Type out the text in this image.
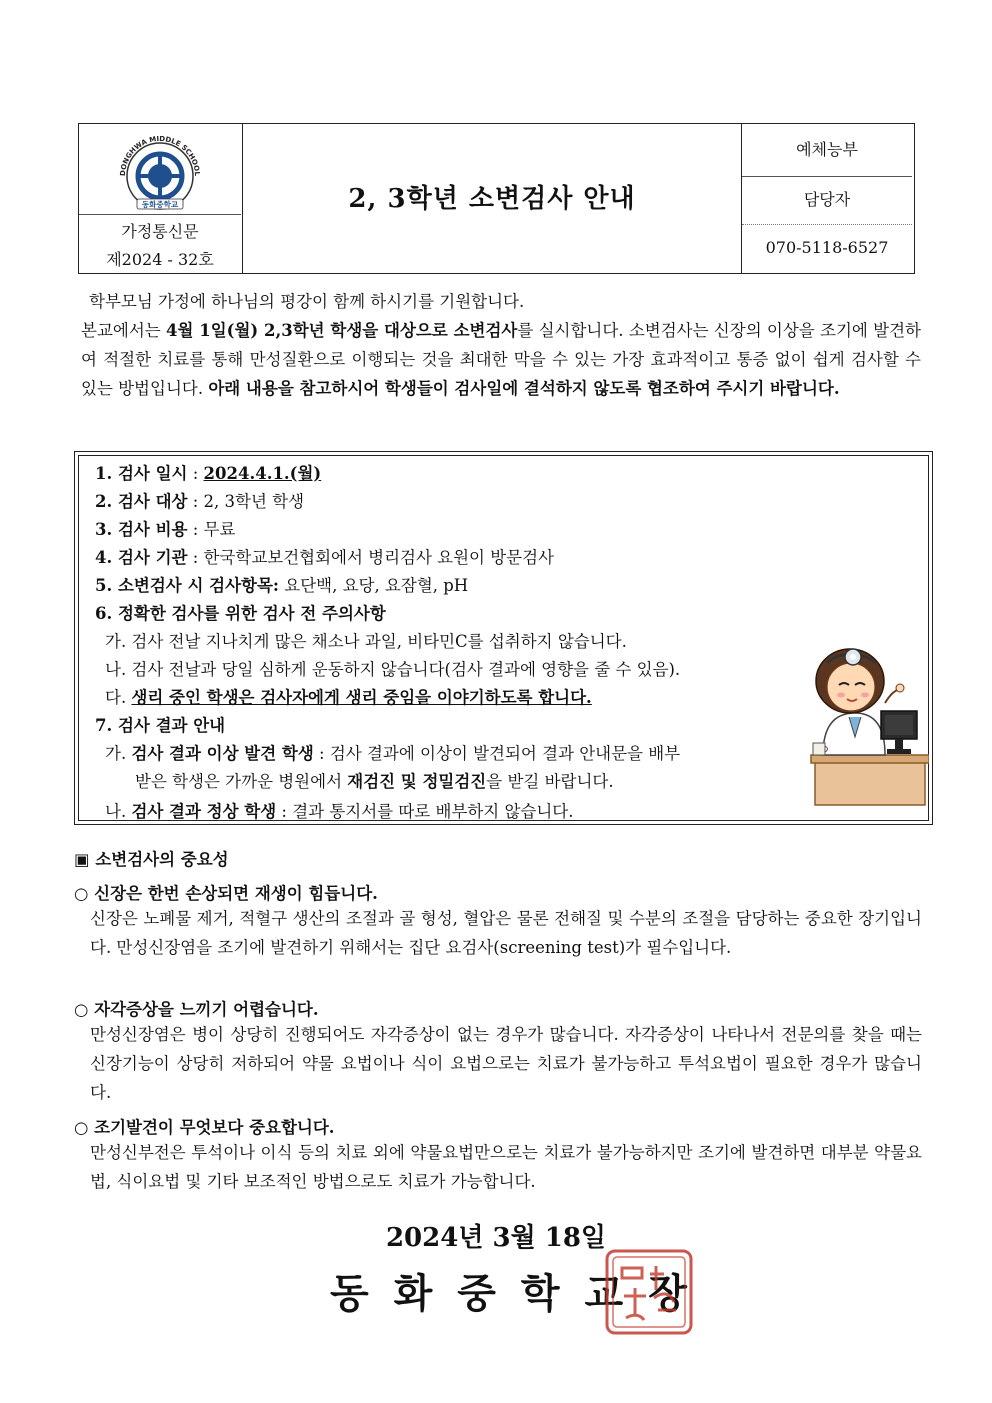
DONGHWA MIDDLE SCHOOL
동화중학교
가정통신문
제2024 - 32호
2, 3학년 소변검사 안내
예체능부
담당자
070-5118-6527

학부모님 가정에 하나님의 평강이 함께 하시기를 기원합니다.

본교에서는 4월 1일(월) 2,3학년 학생을 대상으로 소변검사를 실시합니다. 소변검사는 신장의 이상을 조기에 발견하여 적절한 치료를 통해 만성질환으로 이행되는 것을 최대한 막을 수 있는 가장 효과적이고 통증 없이 쉽게 검사할 수 있는 방법입니다. 아래 내용을 참고하시어 학생들이 검사일에 결석하지 않도록 협조하여 주시기 바랍니다.

1. 검사 일시 : 2024.4.1.(월)
2. 검사 대상 : 2, 3학년 학생
3. 검사 비용 : 무료
4. 검사 기관 : 한국학교보건협회에서 병리검사 요원이 방문검사
5. 소변검사 시 검사항목: 요단백, 요당, 요잠혈, pH
6. 정확한 검사를 위한 검사 전 주의사항
가. 검사 전날 지나치게 많은 채소나 과일, 비타민C를 섭취하지 않습니다.
나. 검사 전날과 당일 심하게 운동하지 않습니다(검사 결과에 영향을 줄 수 있음).
다. 생리 중인 학생은 검사자에게 생리 중임을 이야기하도록 합니다.
7. 검사 결과 안내
가. 검사 결과 이상 발견 학생 : 검사 결과에 이상이 발견되어 결과 안내문을 배부
받은 학생은 가까운 병원에서 재검진 및 정밀검진을 받길 바랍니다.
나. 검사 결과 정상 학생 : 결과 통지서를 따로 배부하지 않습니다.
▣ 소변검사의 중요성
○ 신장은 한번 손상되면 재생이 힘듭니다.
신장은 노폐물 제거, 적혈구 생산의 조절과 골 형성, 혈압은 물론 전해질 및 수분의 조절을 담당하는 중요한 장기입니다. 만성신장염을 조기에 발견하기 위해서는 집단 요검사(screening test)가 필수입니다.
○ 자각증상을 느끼기 어렵습니다.
만성신장염은 병이 상당히 진행되어도 자각증상이 없는 경우가 많습니다. 자각증상이 나타나서 전문의를 찾을 때는 신장기능이 상당히 저하되어 약물 요법이나 식이 요법으로는 치료가 불가능하고 투석요법이 필요한 경우가 많습니다.
○ 조기발견이 무엇보다 중요합니다.
만성신부전은 투석이나 이식 등의 치료 외에 약물요법만으로는 치료가 불가능하지만 조기에 발견하면 대부분 약물요법, 식이요법 및 기타 보조적인 방법으로도 치료가 가능합니다.
2024년 3월 18일
동화중학교장
